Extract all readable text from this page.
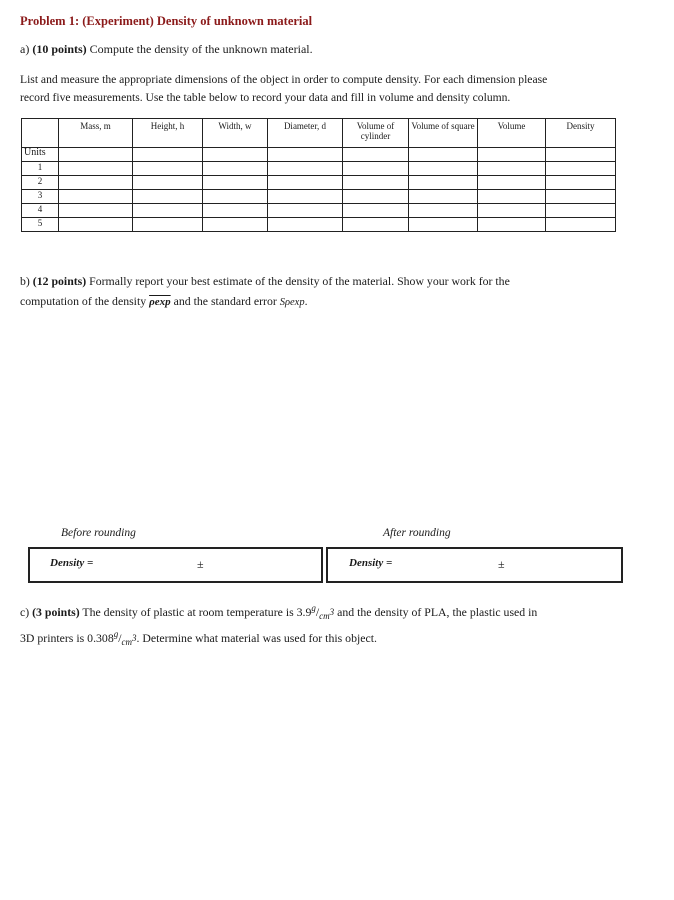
Problem 1: (Experiment) Density of unknown material
a) (10 points) Compute the density of the unknown material.
List and measure the appropriate dimensions of the object in order to compute density. For each dimension please
record five measurements. Use the table below to record your data and fill in volume and density column.
	Mass, m	Height, h	Width, w	Diameter, d	Volume of cylinder	Volume of square	Volume	Density
Units								
1								
2								
3								
4								
5								
b) (12 points) Formally report your best estimate of the density of the material. Show your work for the
computation of the density ρexp and the standard error Sρexp.
Before rounding	After rounding
Density =	±	Density =	±
c) (3 points) The density of plastic at room temperature is $3.9^g/_{cm^3}$ and the density of PLA, the plastic used in
3D printers is $0.308^g/_{cm^3}$. Determine what material was used for this object.
